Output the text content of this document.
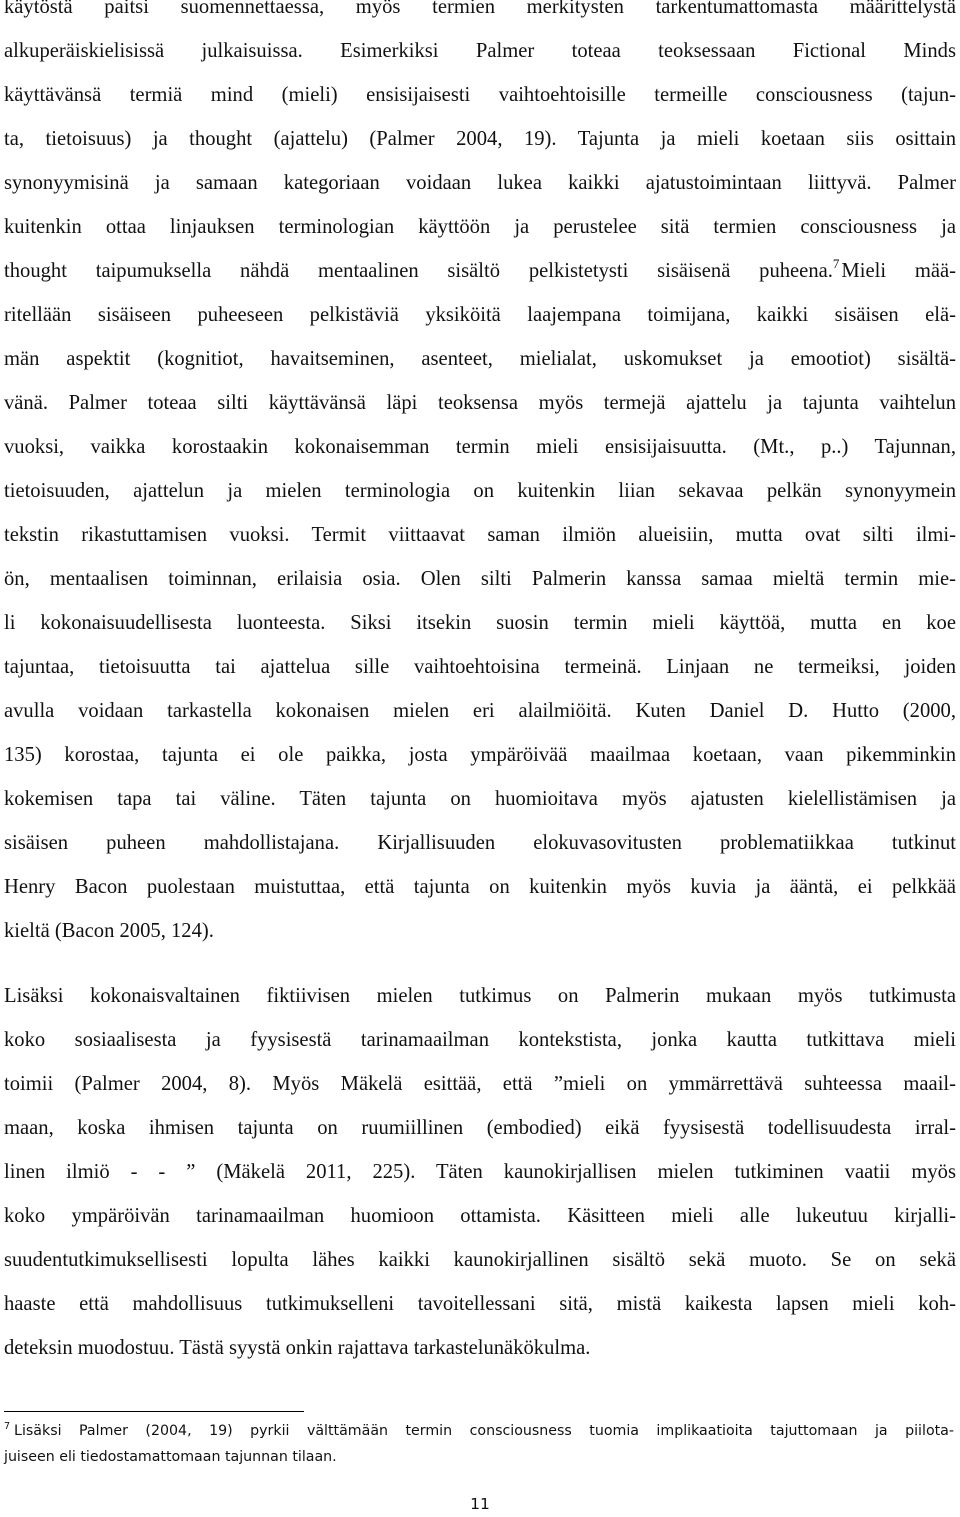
käytöstä paitsi suomennettaessa, myös termien merkitysten tarkentumattomasta määrittelystä
alkuperäiskielisissä julkaisuissa. Esimerkiksi Palmer toteaa teoksessaan Fictional Minds
käyttävänsä termiä mind (mieli) ensisijaisesti vaihtoehtoisille termeille consciousness (tajun-
ta, tietoisuus) ja thought (ajattelu) (Palmer 2004, 19). Tajunta ja mieli koetaan siis osittain
synonyymisinä ja samaan kategoriaan voidaan lukea kaikki ajatustoimintaan liittyvä. Palmer
kuitenkin ottaa linjauksen terminologian käyttöön ja perustelee sitä termien consciousness ja
thought taipumuksella nähdä mentaalinen sisältö pelkistetysti sisäisenä puheena.$^7$Mieli mää-
ritellään sisäiseen puheeseen pelkistäviä yksiköitä laajempana toimijana, kaikki sisäisen elä-
män aspektit (kognitiot, havaitseminen, asenteet, mielialat, uskomukset ja emootiot) sisältä-
vänä. Palmer toteaa silti käyttävänsä läpi teoksensa myös termejä ajattelu ja tajunta vaihtelun
vuoksi, vaikka korostaakin kokonaisemman termin mieli ensisijaisuutta. (Mt., p..) Tajunnan,
tietoisuuden, ajattelun ja mielen terminologia on kuitenkin liian sekavaa pelkän synonyymein
tekstin rikastuttamisen vuoksi. Termit viittaavat saman ilmiön alueisiin, mutta ovat silti ilmi-
ön, mentaalisen toiminnan, erilaisia osia. Olen silti Palmerin kanssa samaa mieltä termin mie-
li kokonaisuudellisesta luonteesta. Siksi itsekin suosin termin mieli käyttöä, mutta en koe
tajuntaa, tietoisuutta tai ajattelua sille vaihtoehtoisina termeinä. Linjaan ne termeiksi, joiden
avulla voidaan tarkastella kokonaisen mielen eri alailmiöitä. Kuten Daniel D. Hutto (2000,
135) korostaa, tajunta ei ole paikka, josta ympäröivää maailmaa koetaan, vaan pikemminkin
kokemisen tapa tai väline. Täten tajunta on huomioitava myös ajatusten kielellistämisen ja
sisäisen puheen mahdollistajana. Kirjallisuuden elokuvasovitusten problematiikkaa tutkinut
Henry Bacon puolestaan muistuttaa, että tajunta on kuitenkin myös kuvia ja ääntä, ei pelkkää
kieltä (Bacon 2005, 124).
Lisäksi kokonaisvaltainen fiktiivisen mielen tutkimus on Palmerin mukaan myös tutkimusta
koko sosiaalisesta ja fyysisestä tarinamaailman kontekstista, jonka kautta tutkittava mieli
toimii (Palmer 2004, 8). Myös Mäkelä esittää, että ”mieli on ymmärrettävä suhteessa maail-
maan, koska ihmisen tajunta on ruumiillinen (embodied) eikä fyysisestä todellisuudesta irral-
linen ilmiö - - ” (Mäkelä 2011, 225). Täten kaunokirjallisen mielen tutkiminen vaatii myös
koko ympäröivän tarinamaailman huomioon ottamista. Käsitteen mieli alle lukeutuu kirjalli-
suudentutkimuksellisesti lopulta lähes kaikki kaunokirjallinen sisältö sekä muoto. Se on sekä
haaste että mahdollisuus tutkimukselleni tavoitellessani sitä, mistä kaikesta lapsen mieli koh-
deteksin muodostuu. Tästä syystä onkin rajattava tarkastelunäkökulma.
$^7$ Lisäksi Palmer (2004, 19) pyrkii välttämään termin consciousness tuomia implikaatioita tajuttomaan ja piilota-
juiseen eli tiedostamattomaan tajunnan tilaan.
11
